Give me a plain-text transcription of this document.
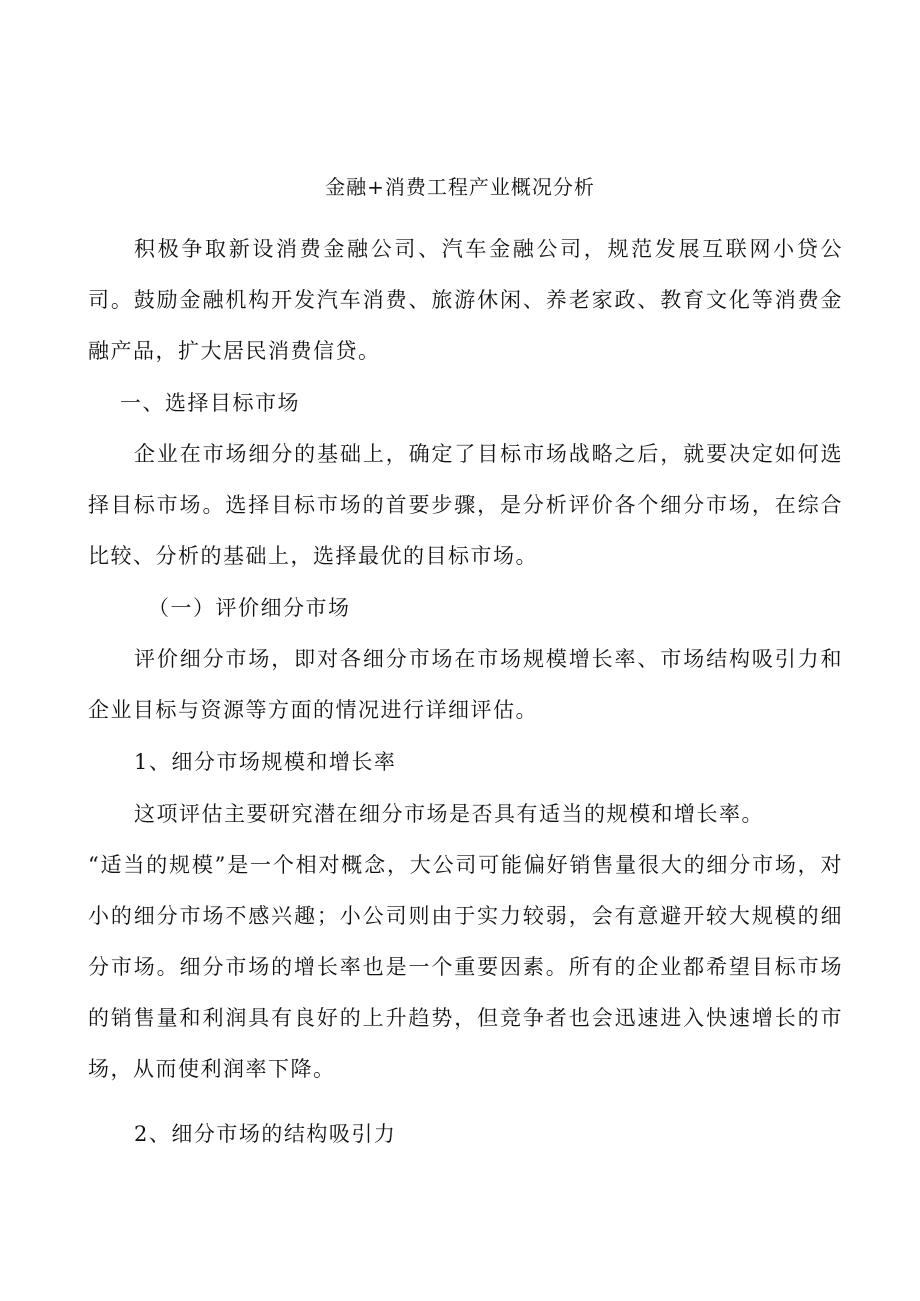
金融+消费工程产业概况分析

积极争取新设消费金融公司、汽车金融公司，规范发展互联网小贷公司。鼓励金融机构开发汽车消费、旅游休闲、养老家政、教育文化等消费金融产品，扩大居民消费信贷。

一、选择目标市场

企业在市场细分的基础上，确定了目标市场战略之后，就要决定如何选择目标市场。选择目标市场的首要步骤，是分析评价各个细分市场，在综合比较、分析的基础上，选择最优的目标市场。

（一）评价细分市场

评价细分市场，即对各细分市场在市场规模增长率、市场结构吸引力和企业目标与资源等方面的情况进行详细评估。

1、细分市场规模和增长率

这项评估主要研究潜在细分市场是否具有适当的规模和增长率。

“适当的规模”是一个相对概念，大公司可能偏好销售量很大的细分市场，对小的细分市场不感兴趣；小公司则由于实力较弱，会有意避开较大规模的细分市场。细分市场的增长率也是一个重要因素。所有的企业都希望目标市场的销售量和利润具有良好的上升趋势，但竞争者也会迅速进入快速增长的市场，从而使利润率下降。

2、细分市场的结构吸引力
